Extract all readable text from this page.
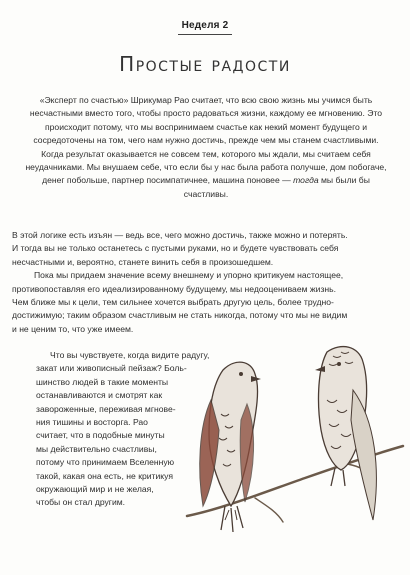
Неделя 2
Простые радости
«Эксперт по счастью» Шрикумар Рао считает, что всю свою жизнь мы учимся быть несчастными вместо того, чтобы просто радоваться жизни, каждому ее мгновению. Это происходит потому, что мы воспринимаем счастье как некий момент будущего и сосредоточены на том, чего нам нужно достичь, прежде чем мы станем счастливыми. Когда результат оказывается не совсем тем, которого мы ждали, мы считаем себя неудачниками. Мы внушаем себе, что если бы у нас была работа получше, дом побогаче, денег побольше, партнер посимпатичнее, машина поновее — тогда мы были бы счастливы.
В этой логике есть изъян — ведь все, чего можно достичь, также можно и потерять.
И тогда вы не только останетесь с пустыми руками, но и будете чувствовать себя
несчастными и, вероятно, станете винить себя в произошедшем.
Пока мы придаем значение всему внешнему и упорно критикуем настоящее,
противопоставляя его идеализированному будущему, мы недооцениваем жизнь.
Чем ближе мы к цели, тем сильнее хочется выбрать другую цель, более трудно-
достижимую; таким образом счастливым не стать никогда, потому что мы не видим
и не ценим то, что уже имеем.
Что вы чувствуете, когда видите радугу,
закат или живописный пейзаж? Боль-
шинство людей в такие моменты
останавливаются и смотрят как
завороженные, переживая мгнове-
ния тишины и восторга. Рао
считает, что в подобные минуты
мы действительно счастливы,
потому что принимаем Вселенную
такой, какая она есть, не критикуя
окружающий мир и не желая,
чтобы он стал другим.
